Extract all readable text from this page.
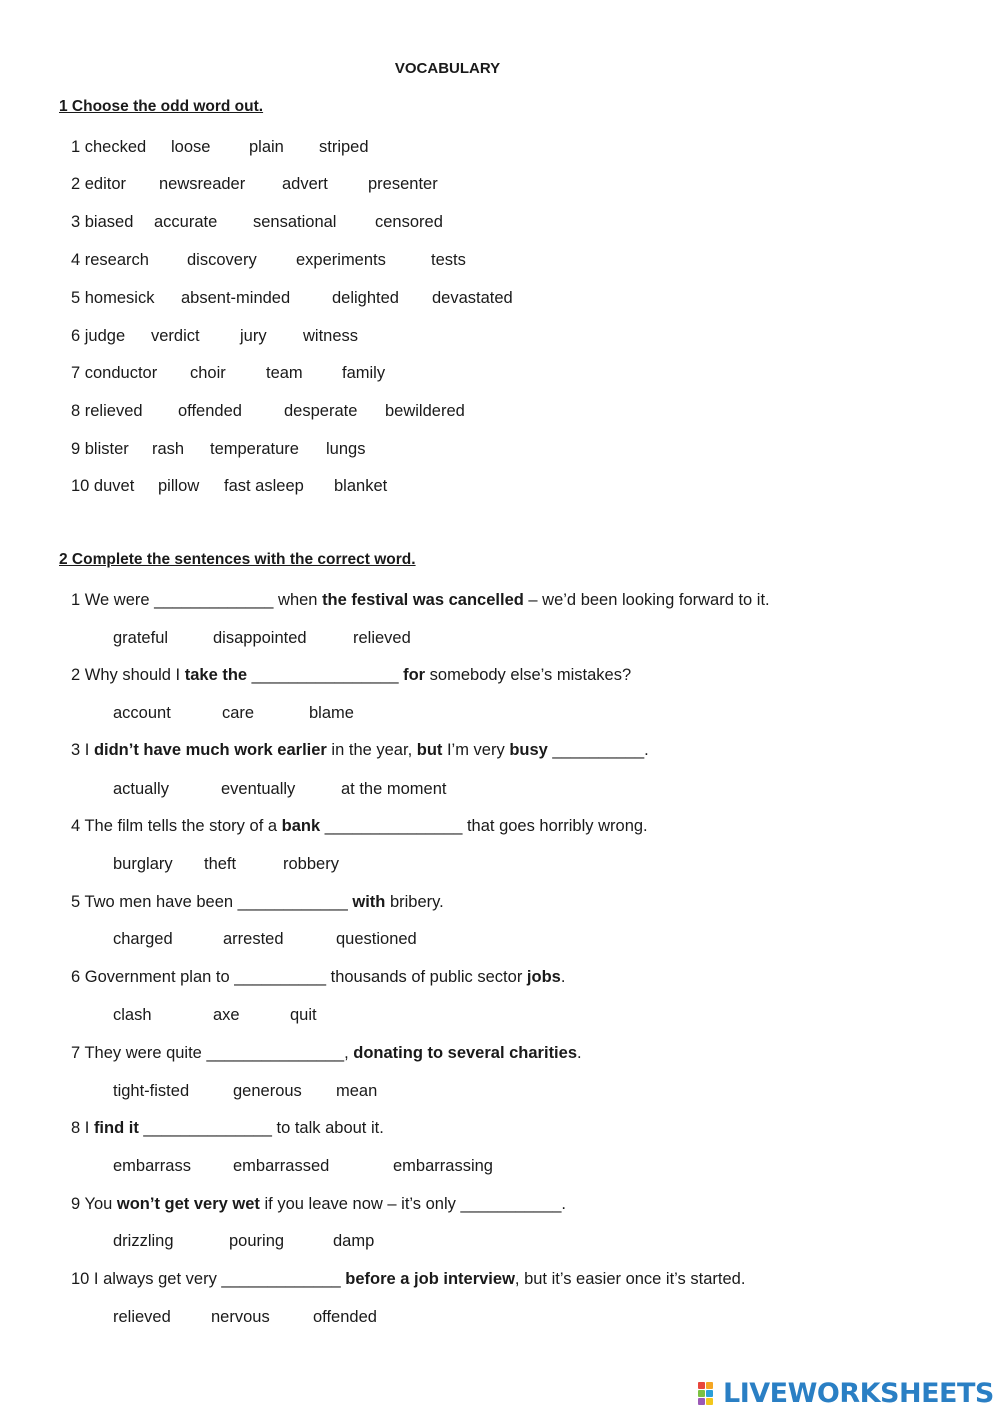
VOCABULARY
1 Choose the odd word out.
1 checked loose plain striped
2 editor newsreader advert presenter
3 biased accurate sensational censored
4 research discovery experiments	tests
5 homesick absent-minded	delighted devastated
6 judge verdict jury witness
7 conductor choir team family
8 relieved offended	desperate bewildered
9 blister rash temperature lungs
10 duvet pillow fast asleep blanket
2 Complete the sentences with the correct word.
1 We were _____________ when the festival was cancelled – we’d been looking forward to it.
grateful	disappointed	relieved
2 Why should I take the ________________ for somebody else’s mistakes?
account	care	blame
3 I didn’t have much work earlier in the year, but I’m very busy __________.
actually	eventually	at the moment
4 The film tells the story of a bank _______________ that goes horribly wrong.
burglary theft	robbery
5 Two men have been ____________ with bribery.
charged	arrested	questioned
6 Government plan to __________ thousands of public sector jobs.
clash	axe	quit
7 They were quite _______________, donating to several charities.
tight-fisted	generous mean
8 I find it ______________ to talk about it.
embarrass	embarrassed	embarrassing
9 You won’t get very wet if you leave now – it’s only ___________.
drizzling	pouring	damp
10 I always get very _____________ before a job interview, but it’s easier once it’s started.
relieved nervous	offended
LIVEWORKSHEETS
